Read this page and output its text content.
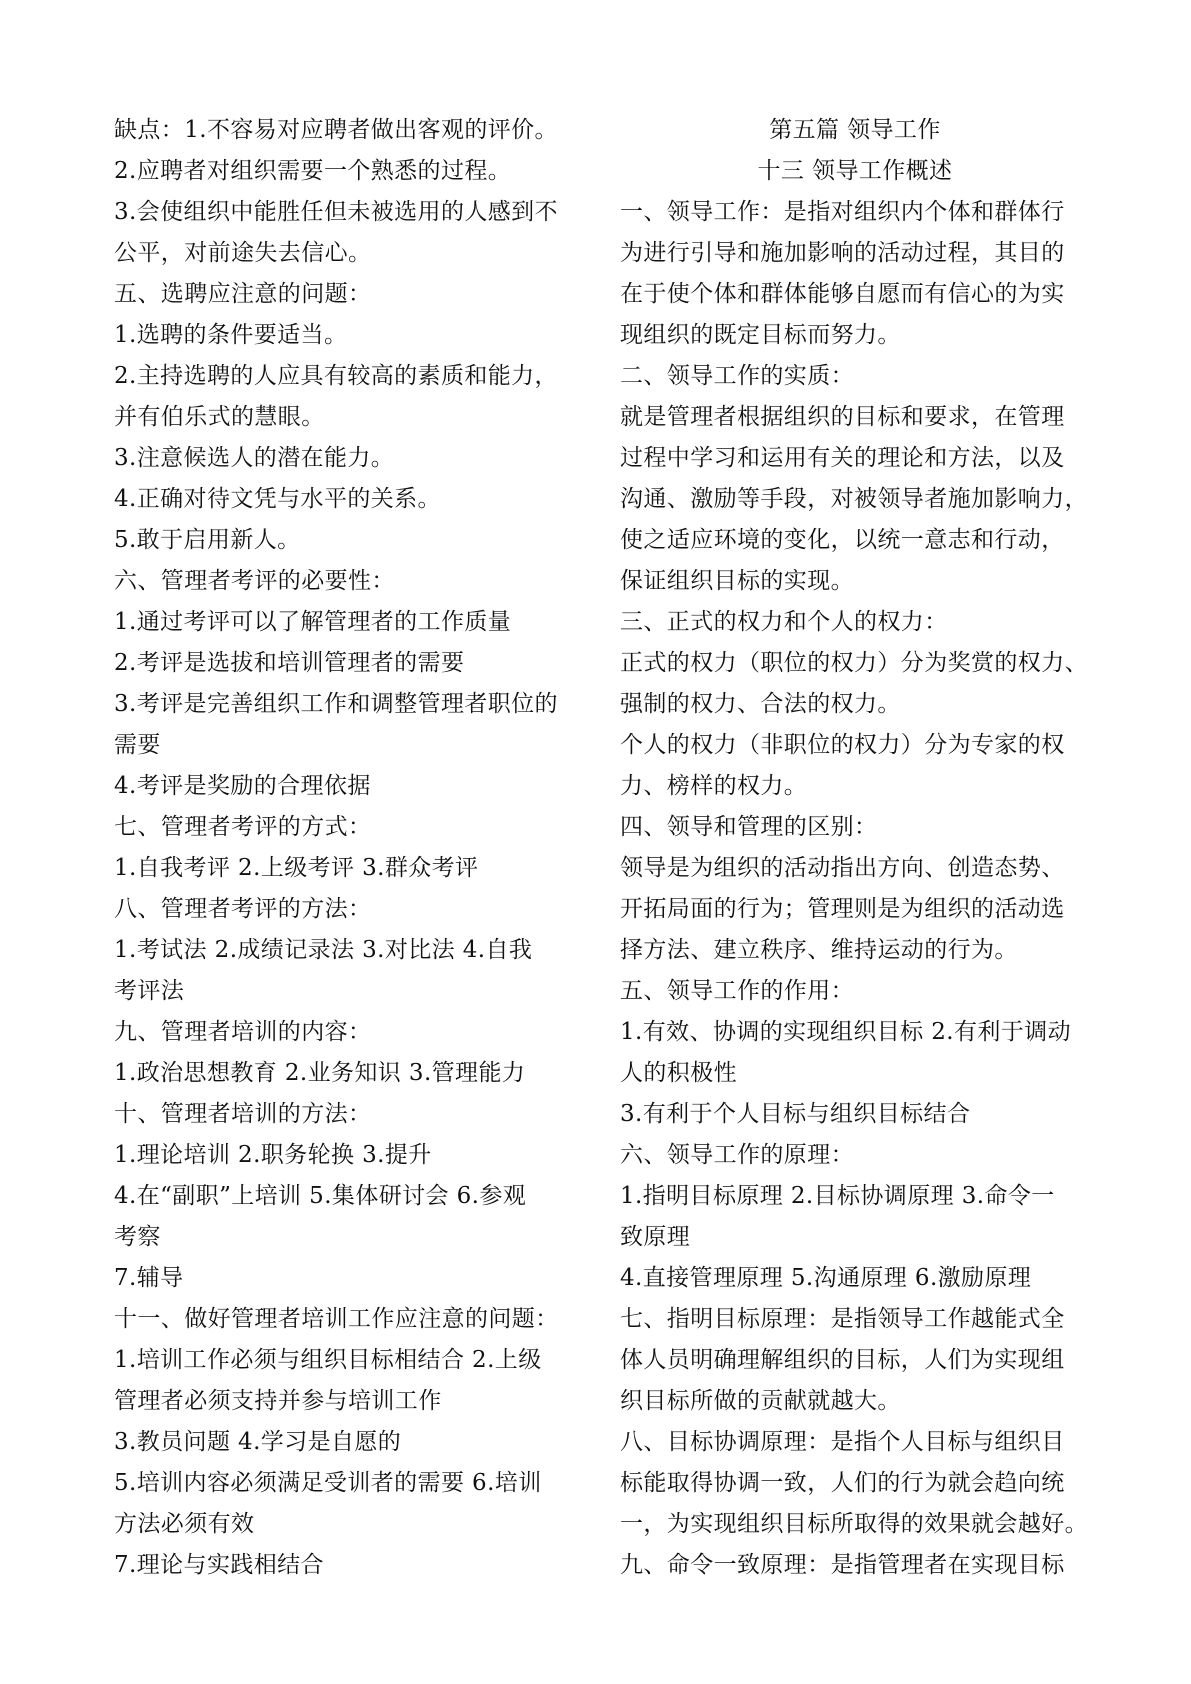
缺点：1.不容易对应聘者做出客观的评价。
2.应聘者对组织需要一个熟悉的过程。
3.会使组织中能胜任但未被选用的人感到不
公平，对前途失去信心。
五、选聘应注意的问题：
1.选聘的条件要适当。
2.主持选聘的人应具有较高的素质和能力，
并有伯乐式的慧眼。
3.注意候选人的潜在能力。
4.正确对待文凭与水平的关系。
5.敢于启用新人。
六、管理者考评的必要性：
1.通过考评可以了解管理者的工作质量
2.考评是选拔和培训管理者的需要
3.考评是完善组织工作和调整管理者职位的
需要
4.考评是奖励的合理依据
七、管理者考评的方式：
1.自我考评 2.上级考评 3.群众考评
八、管理者考评的方法：
1.考试法 2.成绩记录法 3.对比法 4.自我
考评法
九、管理者培训的内容：
1.政治思想教育 2.业务知识 3.管理能力
十、管理者培训的方法：
1.理论培训 2.职务轮换 3.提升
4.在“副职”上培训 5.集体研讨会 6.参观
考察
7.辅导
十一、做好管理者培训工作应注意的问题：
1.培训工作必须与组织目标相结合 2.上级
管理者必须支持并参与培训工作
3.教员问题 4.学习是自愿的
5.培训内容必须满足受训者的需要 6.培训
方法必须有效
7.理论与实践相结合
第五篇 领导工作
十三 领导工作概述
一、领导工作：是指对组织内个体和群体行
为进行引导和施加影响的活动过程，其目的
在于使个体和群体能够自愿而有信心的为实
现组织的既定目标而努力。
二、领导工作的实质：
就是管理者根据组织的目标和要求，在管理
过程中学习和运用有关的理论和方法，以及
沟通、激励等手段，对被领导者施加影响力，
使之适应环境的变化，以统一意志和行动，
保证组织目标的实现。
三、正式的权力和个人的权力：
正式的权力（职位的权力）分为奖赏的权力、
强制的权力、合法的权力。
个人的权力（非职位的权力）分为专家的权
力、榜样的权力。
四、领导和管理的区别：
领导是为组织的活动指出方向、创造态势、
开拓局面的行为；管理则是为组织的活动选
择方法、建立秩序、维持运动的行为。
五、领导工作的作用：
1.有效、协调的实现组织目标 2.有利于调动
人的积极性
3.有利于个人目标与组织目标结合
六、领导工作的原理：
1.指明目标原理 2.目标协调原理 3.命令一
致原理
4.直接管理原理 5.沟通原理 6.激励原理
七、指明目标原理：是指领导工作越能式全
体人员明确理解组织的目标，人们为实现组
织目标所做的贡献就越大。
八、目标协调原理：是指个人目标与组织目
标能取得协调一致，人们的行为就会趋向统
一，为实现组织目标所取得的效果就会越好。
九、命令一致原理：是指管理者在实现目标
